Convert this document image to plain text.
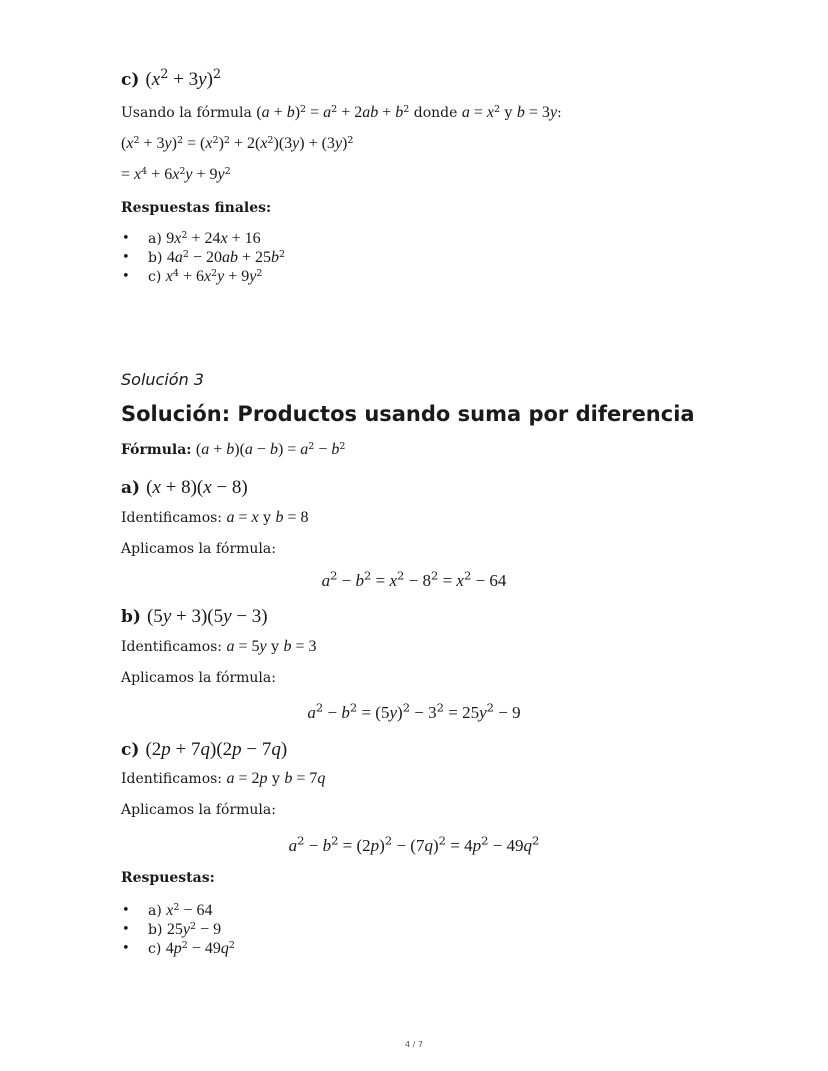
c) $(x^2 + 3y)^2$
Usando la fórmula $(a + b)^2 = a^2 + 2ab + b^2$ donde $a = x^2$ y b = 3y:
$(x^2 + 3y)^2 = (x^2)^2 + 2(x^2)(3y) + (3y)^2$
= $x^4 + 6x^2y + 9y^2$
Respuestas finales:
• a) $9x^2 + 24x + 16$
• b) $4a^2 - 20ab + 25b^2$
• c) $x^4 + 6x^2y + 9y^2$
Solución 3
Solución: Productos usando suma por diferencia
Fórmula: $(a + b)(a - b) = a^2 - b^2$
a) (x + 8)(x − 8)
Identificamos: a = x y b = 8
Aplicamos la fórmula:
$a^2 - b^2 = x^2 - 8^2 = x^2 - 64$
b) (5y + 3)(5y − 3)
Identificamos: a = 5y y b = 3
Aplicamos la fórmula:
$a^2 - b^2 = (5y)^2 - 3^2 = 25y^2 - 9$
c) (2p + 7q)(2p − 7q)
Identificamos: a = 2p y b = 7q
Aplicamos la fórmula:
$a^2 - b^2 = (2p)^2 - (7q)^2 = 4p^2 - 49q^2$
Respuestas:
• a) $x^2 - 64$
• b) $25y^2 - 9$
• c) $4p^2 - 49q^2$
4 / 7
